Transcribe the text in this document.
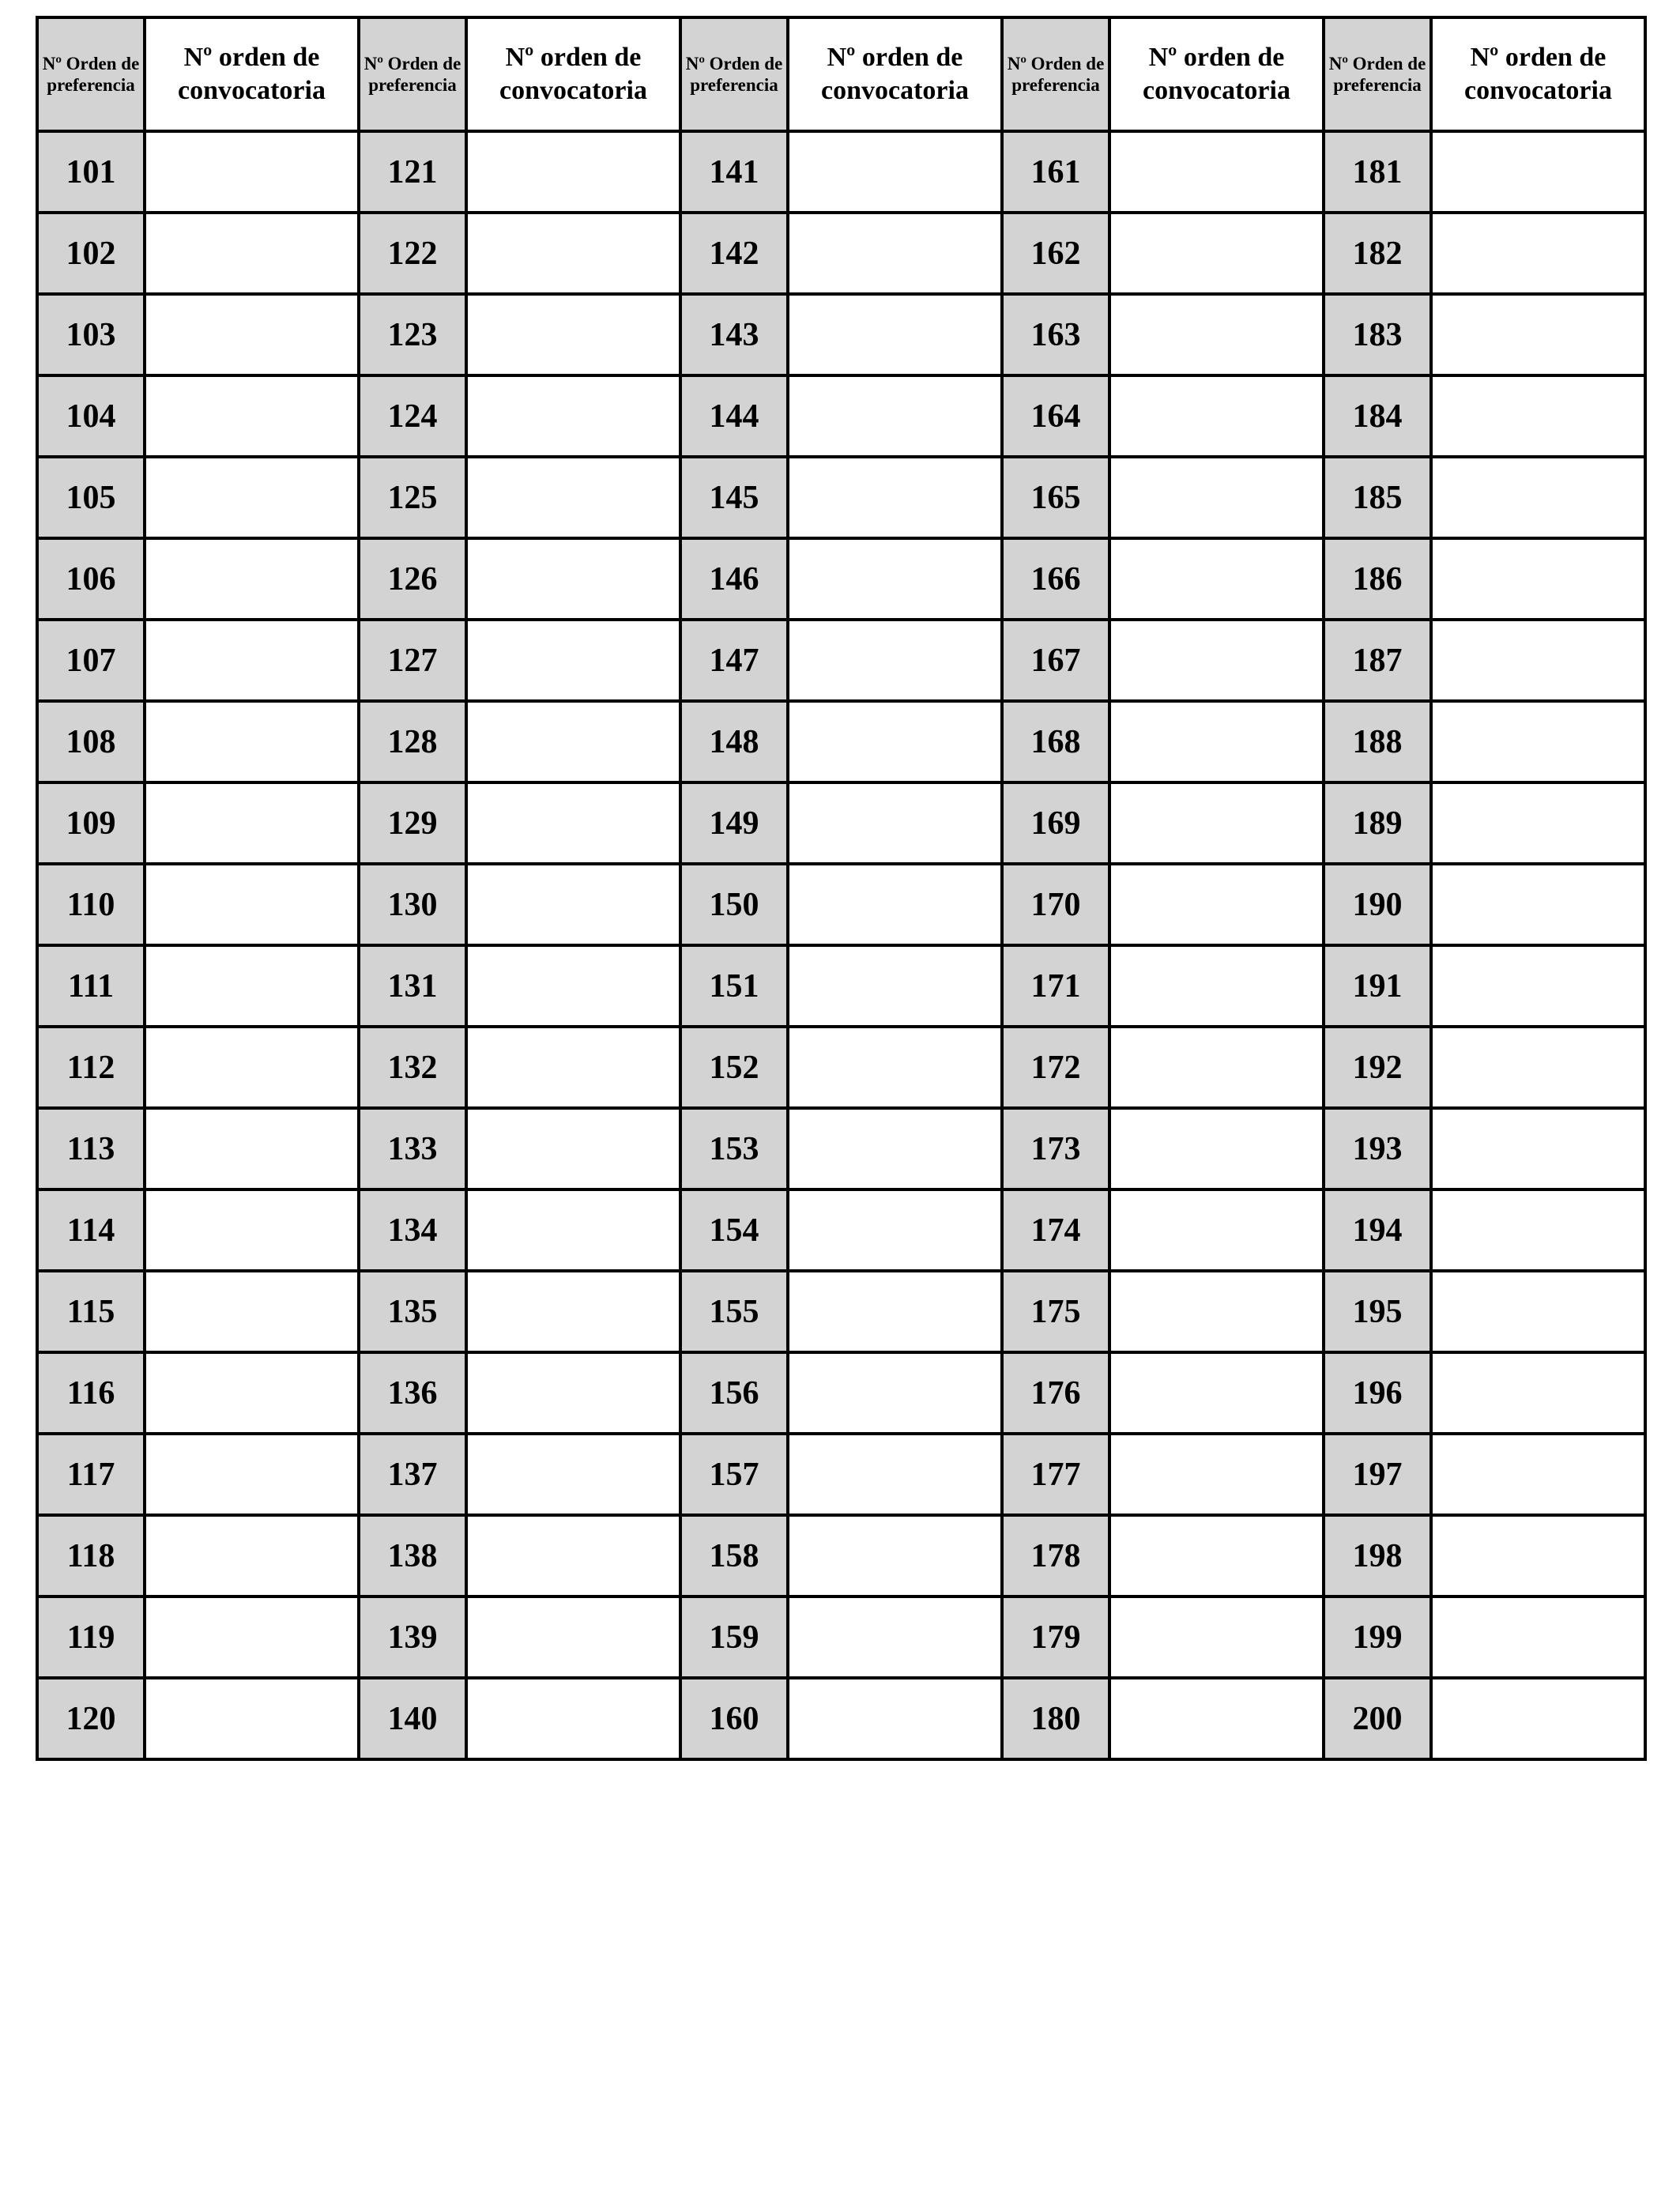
Nº Orden de preferencia	Nº orden de convocatoria	Nº Orden de preferencia	Nº orden de convocatoria	Nº Orden de preferencia	Nº orden de convocatoria	Nº Orden de preferencia	Nº orden de convocatoria	Nº Orden de preferencia	Nº orden de convocatoria
101		121		141		161		181	
102		122		142		162		182	
103		123		143		163		183	
104		124		144		164		184	
105		125		145		165		185	
106		126		146		166		186	
107		127		147		167		187	
108		128		148		168		188	
109		129		149		169		189	
110		130		150		170		190	
111		131		151		171		191	
112		132		152		172		192	
113		133		153		173		193	
114		134		154		174		194	
115		135		155		175		195	
116		136		156		176		196	
117		137		157		177		197	
118		138		158		178		198	
119		139		159		179		199	
120		140		160		180		200	
